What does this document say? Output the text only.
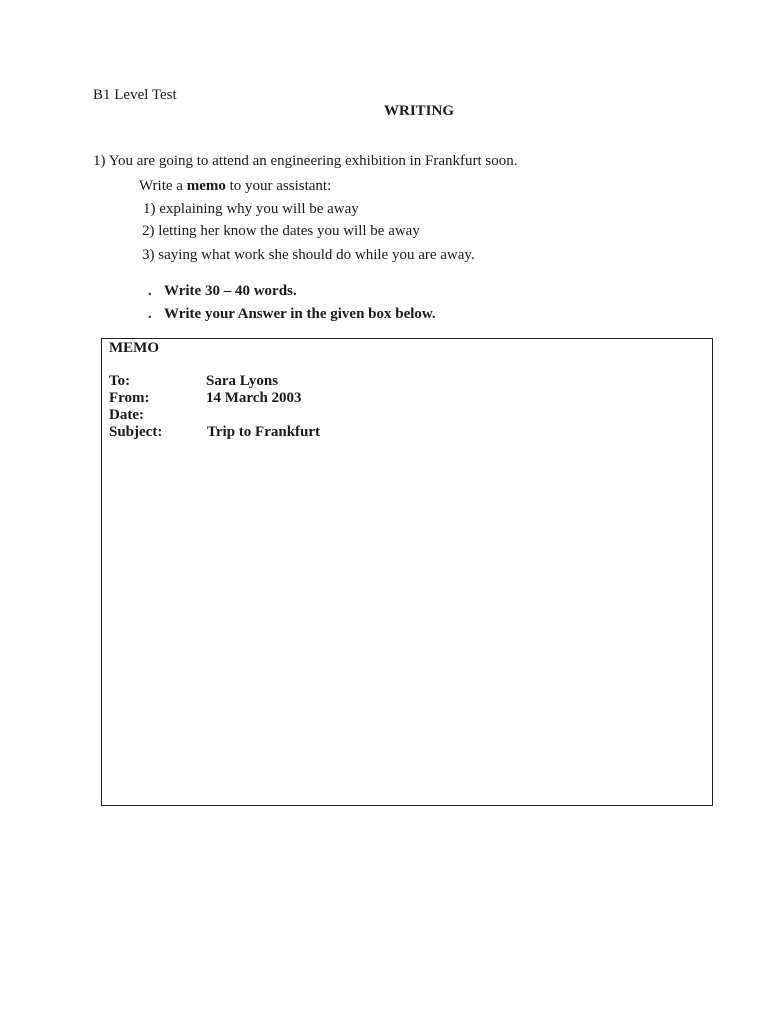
B1 Level Test
WRITING
1) You are going to attend an engineering exhibition in Frankfurt soon.
Write a memo to your assistant:
1) explaining why you will be away
2) letting her know the dates you will be away
3) saying what work she should do while you are away.
. Write 30 – 40 words.
. Write your Answer in the given box below.
MEMO
To:	Sara Lyons
From:	14 March 2003
Date:
Subject:	Trip to Frankfurt
